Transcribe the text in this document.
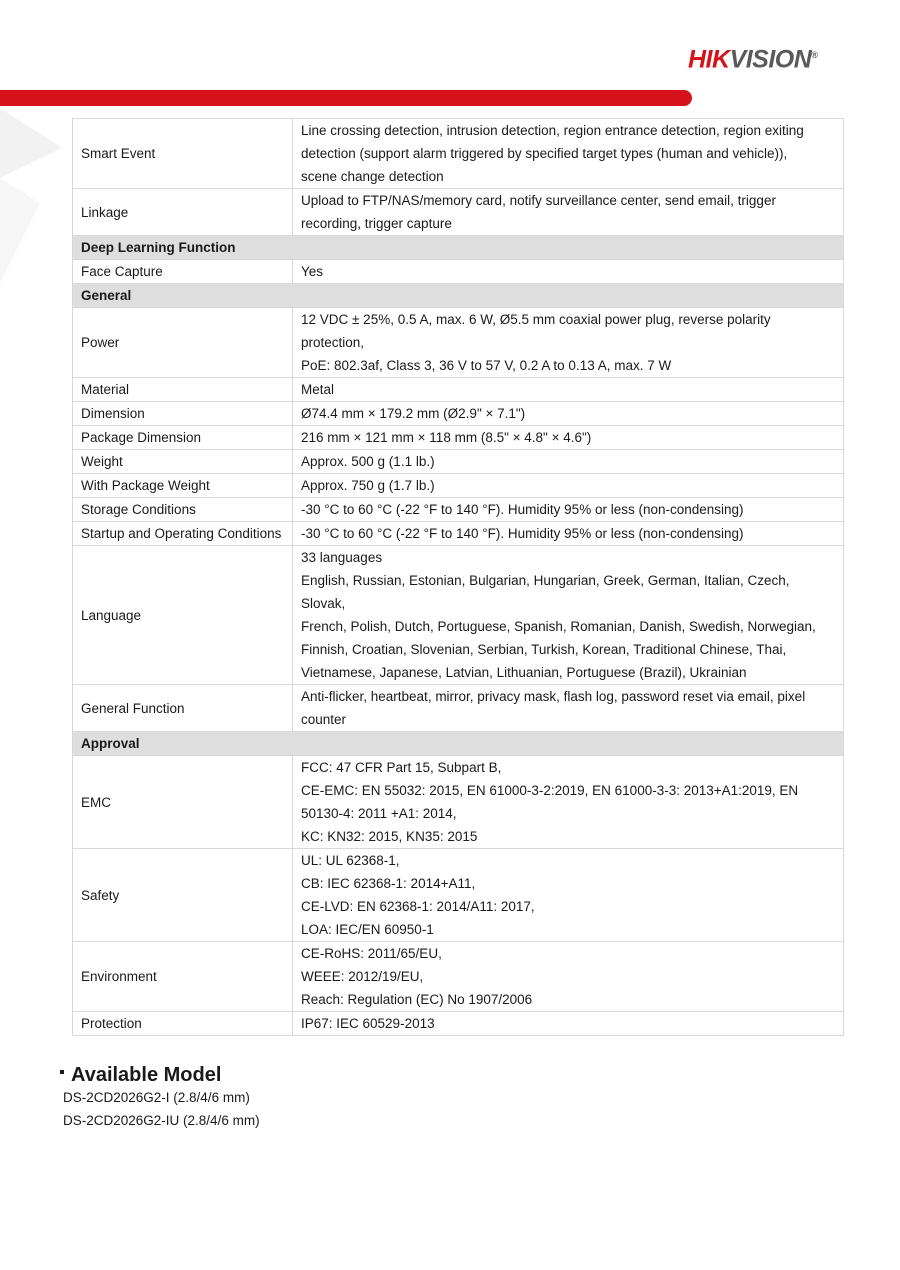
HIKVISION®
Smart Event	Line crossing detection, intrusion detection, region entrance detection, region exiting
detection (support alarm triggered by specified target types (human and vehicle)),
scene change detection

Linkage	Upload to FTP/NAS/memory card, notify surveillance center, send email, trigger
recording, trigger capture

Deep Learning Function	
Face Capture	Yes

General	
Power	12 VDC ± 25%, 0.5 A, max. 6 W, Ø5.5 mm coaxial power plug, reverse polarity
protection,
PoE: 802.3af, Class 3, 36 V to 57 V, 0.2 A to 0.13 A, max. 7 W

Material	Metal

Dimension	Ø74.4 mm × 179.2 mm (Ø2.9" × 7.1")

Package Dimension	216 mm × 121 mm × 118 mm (8.5" × 4.8" × 4.6")

Weight	Approx. 500 g (1.1 lb.)

With Package Weight	Approx. 750 g (1.7 lb.)

Storage Conditions	-30 °C to 60 °C (-22 °F to 140 °F). Humidity 95% or less (non-condensing)

Startup and Operating Conditions	-30 °C to 60 °C (-22 °F to 140 °F). Humidity 95% or less (non-condensing)

Language	33 languages
English, Russian, Estonian, Bulgarian, Hungarian, Greek, German, Italian, Czech, Slovak,
French, Polish, Dutch, Portuguese, Spanish, Romanian, Danish, Swedish, Norwegian,
Finnish, Croatian, Slovenian, Serbian, Turkish, Korean, Traditional Chinese, Thai,
Vietnamese, Japanese, Latvian, Lithuanian, Portuguese (Brazil), Ukrainian

General Function	Anti-flicker, heartbeat, mirror, privacy mask, flash log, password reset via email, pixel
counter

Approval	
EMC	FCC: 47 CFR Part 15, Subpart B,
CE-EMC: EN 55032: 2015, EN 61000-3-2:2019, EN 61000-3-3: 2013+A1:2019, EN
50130-4: 2011 +A1: 2014,
KC: KN32: 2015, KN35: 2015

Safety	UL: UL 62368-1,
CB: IEC 62368-1: 2014+A11,
CE-LVD: EN 62368-1: 2014/A11: 2017,
LOA: IEC/EN 60950-1

Environment	CE-RoHS: 2011/65/EU,
WEEE: 2012/19/EU,
Reach: Regulation (EC) No 1907/2006

Protection	IP67: IEC 60529-2013
Available Model
DS-2CD2026G2-I (2.8/4/6 mm)
DS-2CD2026G2-IU (2.8/4/6 mm)
